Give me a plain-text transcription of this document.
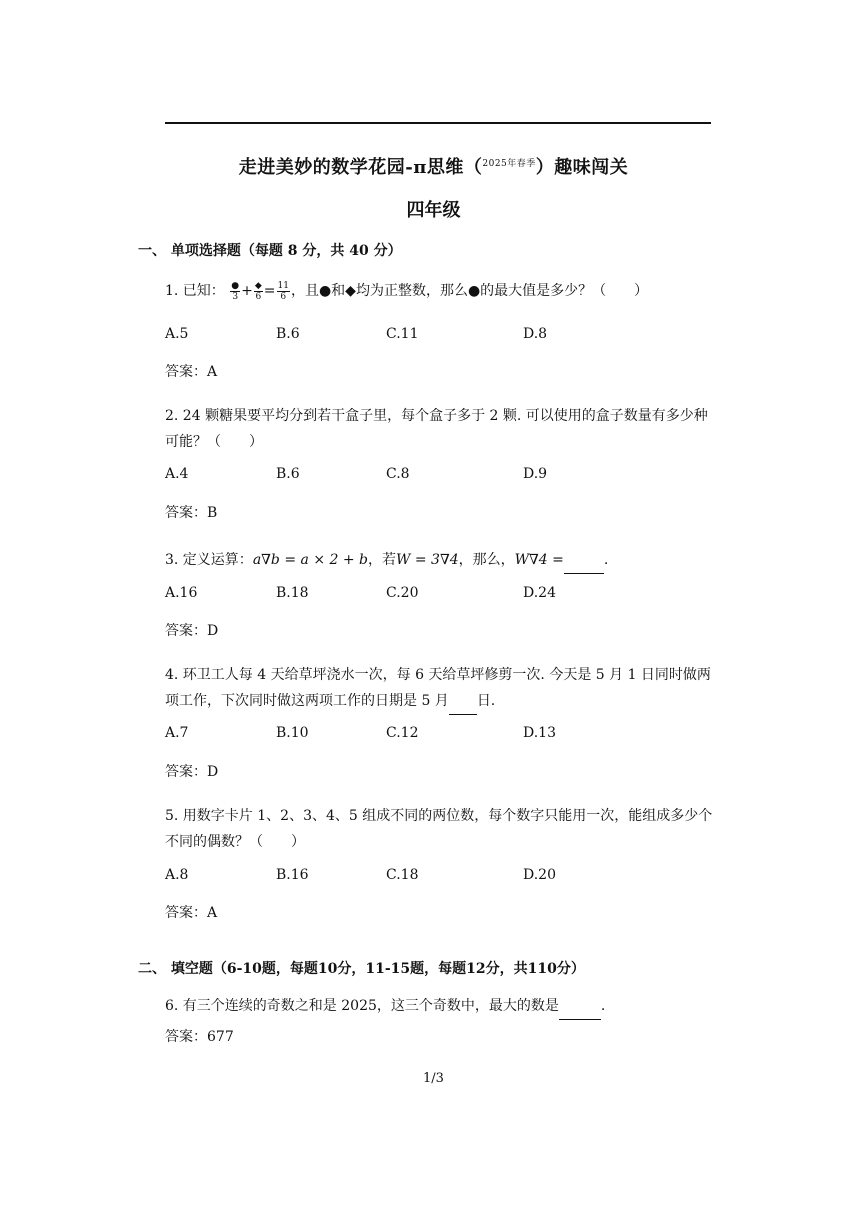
走进美妙的数学花园-π思维（$^{2025年春季}$）趣味闯关
四年级
一、 单项选择题（每题 8 分，共 40 分）
1. 已知： $\frac{●}{3} + \frac{◆}{6} = \frac{11}{6}$ ，且●和◆均为正整数，那么●的最大值是多少？（　　）
A.5	B.6	C.11	D.8
答案：A
2. 24 颗糖果要平均分到若干盒子里，每个盒子多于 2 颗. 可以使用的盒子数量有多少种可能？（　　）
A.4	B.6	C.8	D.9
答案：B
3. 定义运算：a∇b = a × 2 + b，若W = 3∇4，那么，W∇4 =	.
A.16	B.18	C.20	D.24
答案：D
4. 环卫工人每 4 天给草坪浇水一次，每 6 天给草坪修剪一次. 今天是 5 月 1 日同时做两项工作，下次同时做这两项工作的日期是 5 月 日.
A.7	B.10	C.12	D.13
答案：D
5. 用数字卡片 1、2、3、4、5 组成不同的两位数，每个数字只能用一次，能组成多少个不同的偶数？（　　）
A.8	B.16	C.18	D.20
答案：A
二、 填空题（6-10题，每题10分，11-15题，每题12分，共110分）
6. 有三个连续的奇数之和是 2025，这三个奇数中，最大的数是	.
答案：677
1/3
